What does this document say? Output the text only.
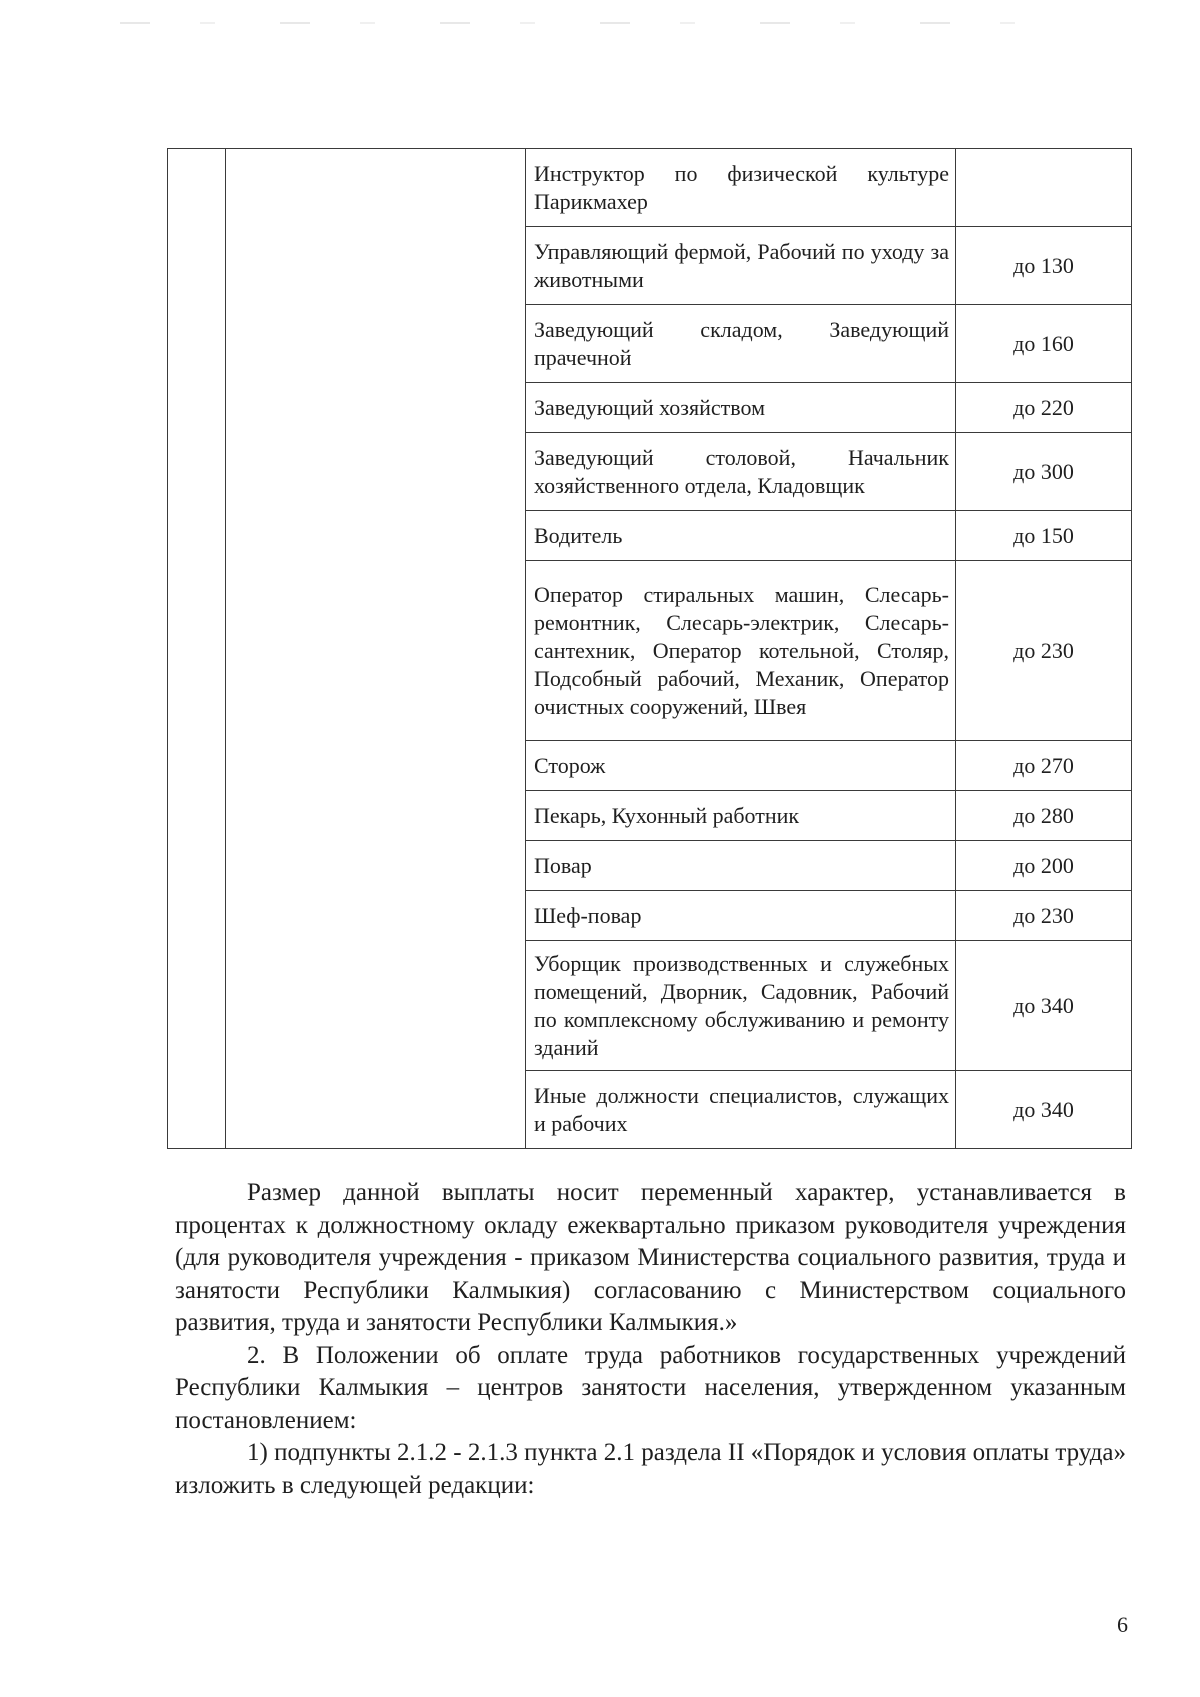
		Инструктор по физической культуре Парикмахер	
		Управляющий фермой, Рабочий по уходу за животными	до 130
		Заведующий складом, Заведующий прачечной	до 160
		Заведующий хозяйством	до 220
		Заведующий столовой, Начальник хозяйственного отдела, Кладовщик	до 300
		Водитель	до 150
		Оператор стиральных машин, Слесарь-ремонтник, Слесарь-электрик, Слесарь-сантехник, Оператор котельной, Столяр, Подсобный рабочий, Механик, Оператор очистных сооружений, Швея	до 230
		Сторож	до 270
		Пекарь, Кухонный работник	до 280
		Повар	до 200
		Шеф-повар	до 230
		Уборщик производственных и служебных помещений, Дворник, Садовник, Рабочий по комплексному обслуживанию и ремонту зданий	до 340
		Иные должности специалистов, служащих и рабочих	до 340

Размер данной выплаты носит переменный характер, устанавливается в процентах к должностному окладу ежеквартально приказом руководителя учреждения (для руководителя учреждения - приказом Министерства социального развития, труда и занятости Республики Калмыкия) согласованию с Министерством социального развития, труда и занятости Республики Калмыкия.»

2. В Положении об оплате труда работников государственных учреждений Республики Калмыкия – центров занятости населения, утвержденном указанным постановлением:

1) подпункты 2.1.2 - 2.1.3 пункта 2.1 раздела II «Порядок и условия оплаты труда» изложить в следующей редакции:

6
